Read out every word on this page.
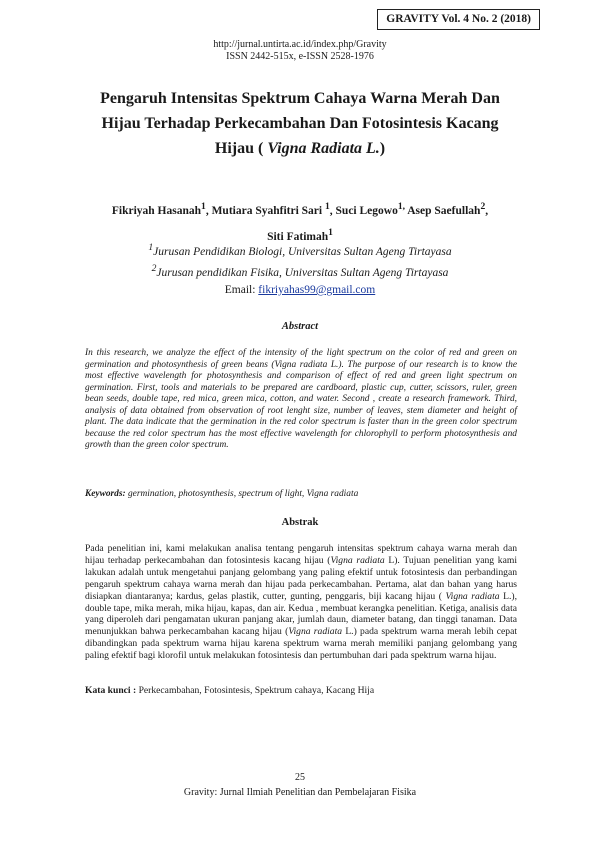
GRAVITY Vol. 4 No. 2 (2018)
http://jurnal.untirta.ac.id/index.php/Gravity
ISSN 2442-515x, e-ISSN 2528-1976
Pengaruh Intensitas Spektrum Cahaya Warna Merah Dan Hijau Terhadap Perkecambahan Dan Fotosintesis Kacang Hijau ( Vigna Radiata L.)
Fikriyah Hasanah$^1$, Mutiara Syahfitri Sari $^1$, Suci Legowo$^{1,}$ Asep Saefullah$^2$,
Siti Fatimah$^1$
$^1$Jurusan Pendidikan Biologi, Universitas Sultan Ageng Tirtayasa
$^2$Jurusan pendidikan Fisika, Universitas Sultan Ageng Tirtayasa
Email: fikriyahas99@gmail.com
Abstract
In this research, we analyze the effect of the intensity of the light spectrum on the color of red and green on germination and photosynthesis of green beans (Vigna radiata L.). The purpose of our research is to know the most effective wavelength for photosynthesis and comparison of effect of red and green light spectrum on germination. First, tools and materials to be prepared are cardboard, plastic cup, cutter, scissors, ruler, green bean seeds, double tape, red mica, green mica, cotton, and water. Second , create a research framework. Third, analysis of data obtained from observation of root lenght size, number of leaves, stem diameter and height of plant. The data indicate that the germination in the red color spectrum is faster than in the green color spectrum because the red color spectrum has the most effective wavelength for chlorophyll to perform photosynthesis and growth than the green color spectrum.
Keywords: germination, photosynthesis, spectrum of light, Vigna radiata
Abstrak
Pada penelitian ini, kami melakukan analisa tentang pengaruh intensitas spektrum cahaya warna merah dan hijau terhadap perkecambahan dan fotosintesis kacang hijau (Vigna radiata L). Tujuan penelitian yang kami lakukan adalah untuk mengetahui panjang gelombang yang paling efektif untuk fotosintesis dan perbandingan pengaruh spektrum cahaya warna merah dan hijau pada perkecambahan. Pertama, alat dan bahan yang harus disiapkan diantaranya; kardus, gelas plastik, cutter, gunting, penggaris, biji kacang hijau ( Vigna radiata L.), double tape, mika merah, mika hijau, kapas, dan air. Kedua , membuat kerangka penelitian. Ketiga, analisis data yang diperoleh dari pengamatan ukuran panjang akar, jumlah daun, diameter batang, dan tinggi tanaman. Data menunjukkan bahwa perkecambahan kacang hijau (Vigna radiata L.) pada spektrum warna merah lebih cepat dibandingkan pada spektrum warna hijau karena spektrum warna merah memiliki panjang gelombang yang paling efektif bagi klorofil untuk melakukan fotosintesis dan pertumbuhan dari pada spektrum warna hijau.
Kata kunci : Perkecambahan, Fotosintesis, Spektrum cahaya, Kacang Hija
25
Gravity: Jurnal Ilmiah Penelitian dan Pembelajaran Fisika
